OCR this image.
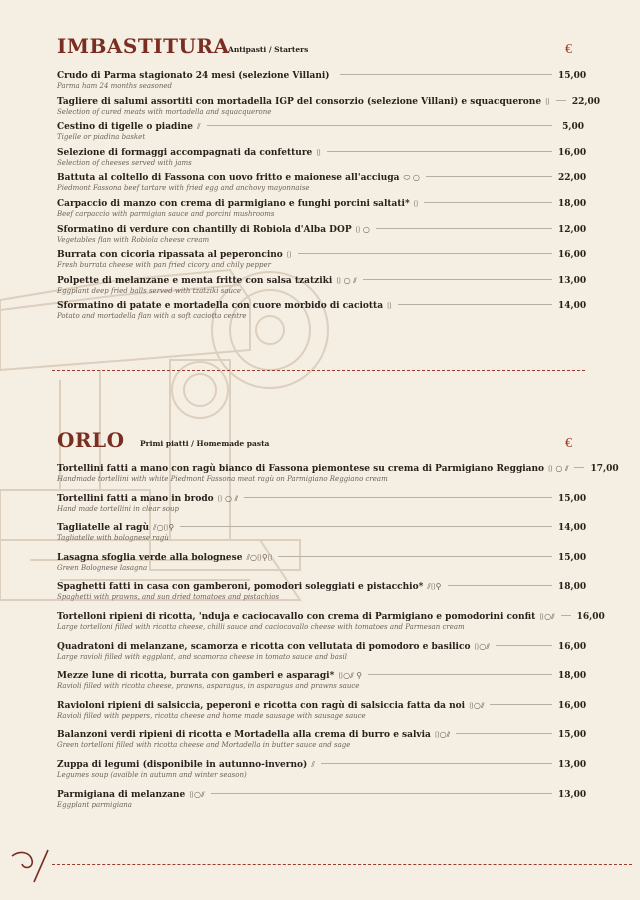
IMBASTITURA
Antipasti / Starters	€
Crudo di Parma stagionato 24 mesi (selezione Villani)	15,00
Parma ham 24 months seasoned
Tagliere di salumi assortiti con mortadella IGP del consorzio (selezione Villani) e squacquerone ⌷ 22,00
Selection of cured meats with mortadella and squacquerone
Cestino di tigelle o piadine ⫽	5,00
Tigelle or piadina basket
Selezione di formaggi accompagnati da confetture ⌷	16,00
Selection of cheeses served with jams
Battuta al coltello di Fassona con uovo fritto e maionese all'acciuga ⬭ ○	22,00
Piedmont Fassona beef tartare with fried egg and anchovy mayonnaise
Carpaccio di manzo con crema di parmigiano e funghi porcini saltati* ⌷	18,00
Beef carpaccio with parmigian sauce and porcini mushrooms
Sformatino di verdure con chantilly di Robiola d'Alba DOP ⌷ ○	12,00
Vegetables flan with Robiola cheese cream
Burrata con cicoria ripassata al peperoncino ⌷	16,00
Fresh burrata cheese with pan fried cicory and chily pepper
Polpette di melanzane e menta fritte con salsa tzatziki ⌷ ○ ⫽	13,00
Eggplant deep fried balls served with tzatziki sauce
Sformatino di patate e mortadella con cuore morbido di caciotta ⌷	14,00
Potato and mortadella flan with a soft caciotta centre
ORLO Primi piatti / Homemade pasta	€
Tortellini fatti a mano con ragù bianco di Fassona piemontese su crema di Parmigiano Reggiano ⌷ ○ ⫽ 17,00
Handmade tortellini with white Piedmont Fassona meat ragù on Parmigiano Reggiano cream
Tortellini fatti a mano in brodo ⌷ ○ ⫽	15,00
Hand made tortellini in clear soup
Tagliatelle al ragù ⫽○⌷⚲	14,00
Tagliatelle with bolognese ragù
Lasagna sfoglia verde alla bolognese ⫽○⌷⚲⌷	15,00
Green Bolognese lasagna
Spaghetti fatti in casa con gamberoni, pomodori soleggiati e pistacchio* ⫽⌷⚲	18,00
Spaghetti with prawns, and sun dried tomatoes and pistachios
Tortelloni ripieni di ricotta, 'nduja e caciocavallo con crema di Parmigiano e pomodorini confit ⌷○⫽ 16,00
Large tortelloni filled with ricotta cheese, chilli sauce and caciocavallo cheese with tomatoes and Parmesan cream
Quadratoni di melanzane, scamorza e ricotta con vellutata di pomodoro e basilico ⌷○⫽	16,00
Large ravioli filled with eggplant, and scamorza cheese in tomato sauce and basil
Mezze lune di ricotta, burrata con gamberi e asparagi* ⌷○⫽ ⚲	18,00
Ravioli filled with ricotta cheese, prawns, asparagus, in asparagus and prawns sauce
Ravioloni ripieni di salsiccia, peperoni e ricotta con ragù di salsiccia fatta da noi ⌷○⫽	16,00
Ravioli filled with peppers, ricotta cheese and home made sausage with sausage sauce
Balanzoni verdi ripieni di ricotta e Mortadella alla crema di burro e salvia ⌷○⫽	15,00
Green tortelloni filled with ricotta cheese and Mortadella in butter sauce and sage
Zuppa di legumi (disponibile in autunno-inverno) ⫽	13,00
Legumes soup (avaible in autumn and winter season)
Parmigiana di melanzane ⌷○⫽	13,00
Eggplant parmigiana
